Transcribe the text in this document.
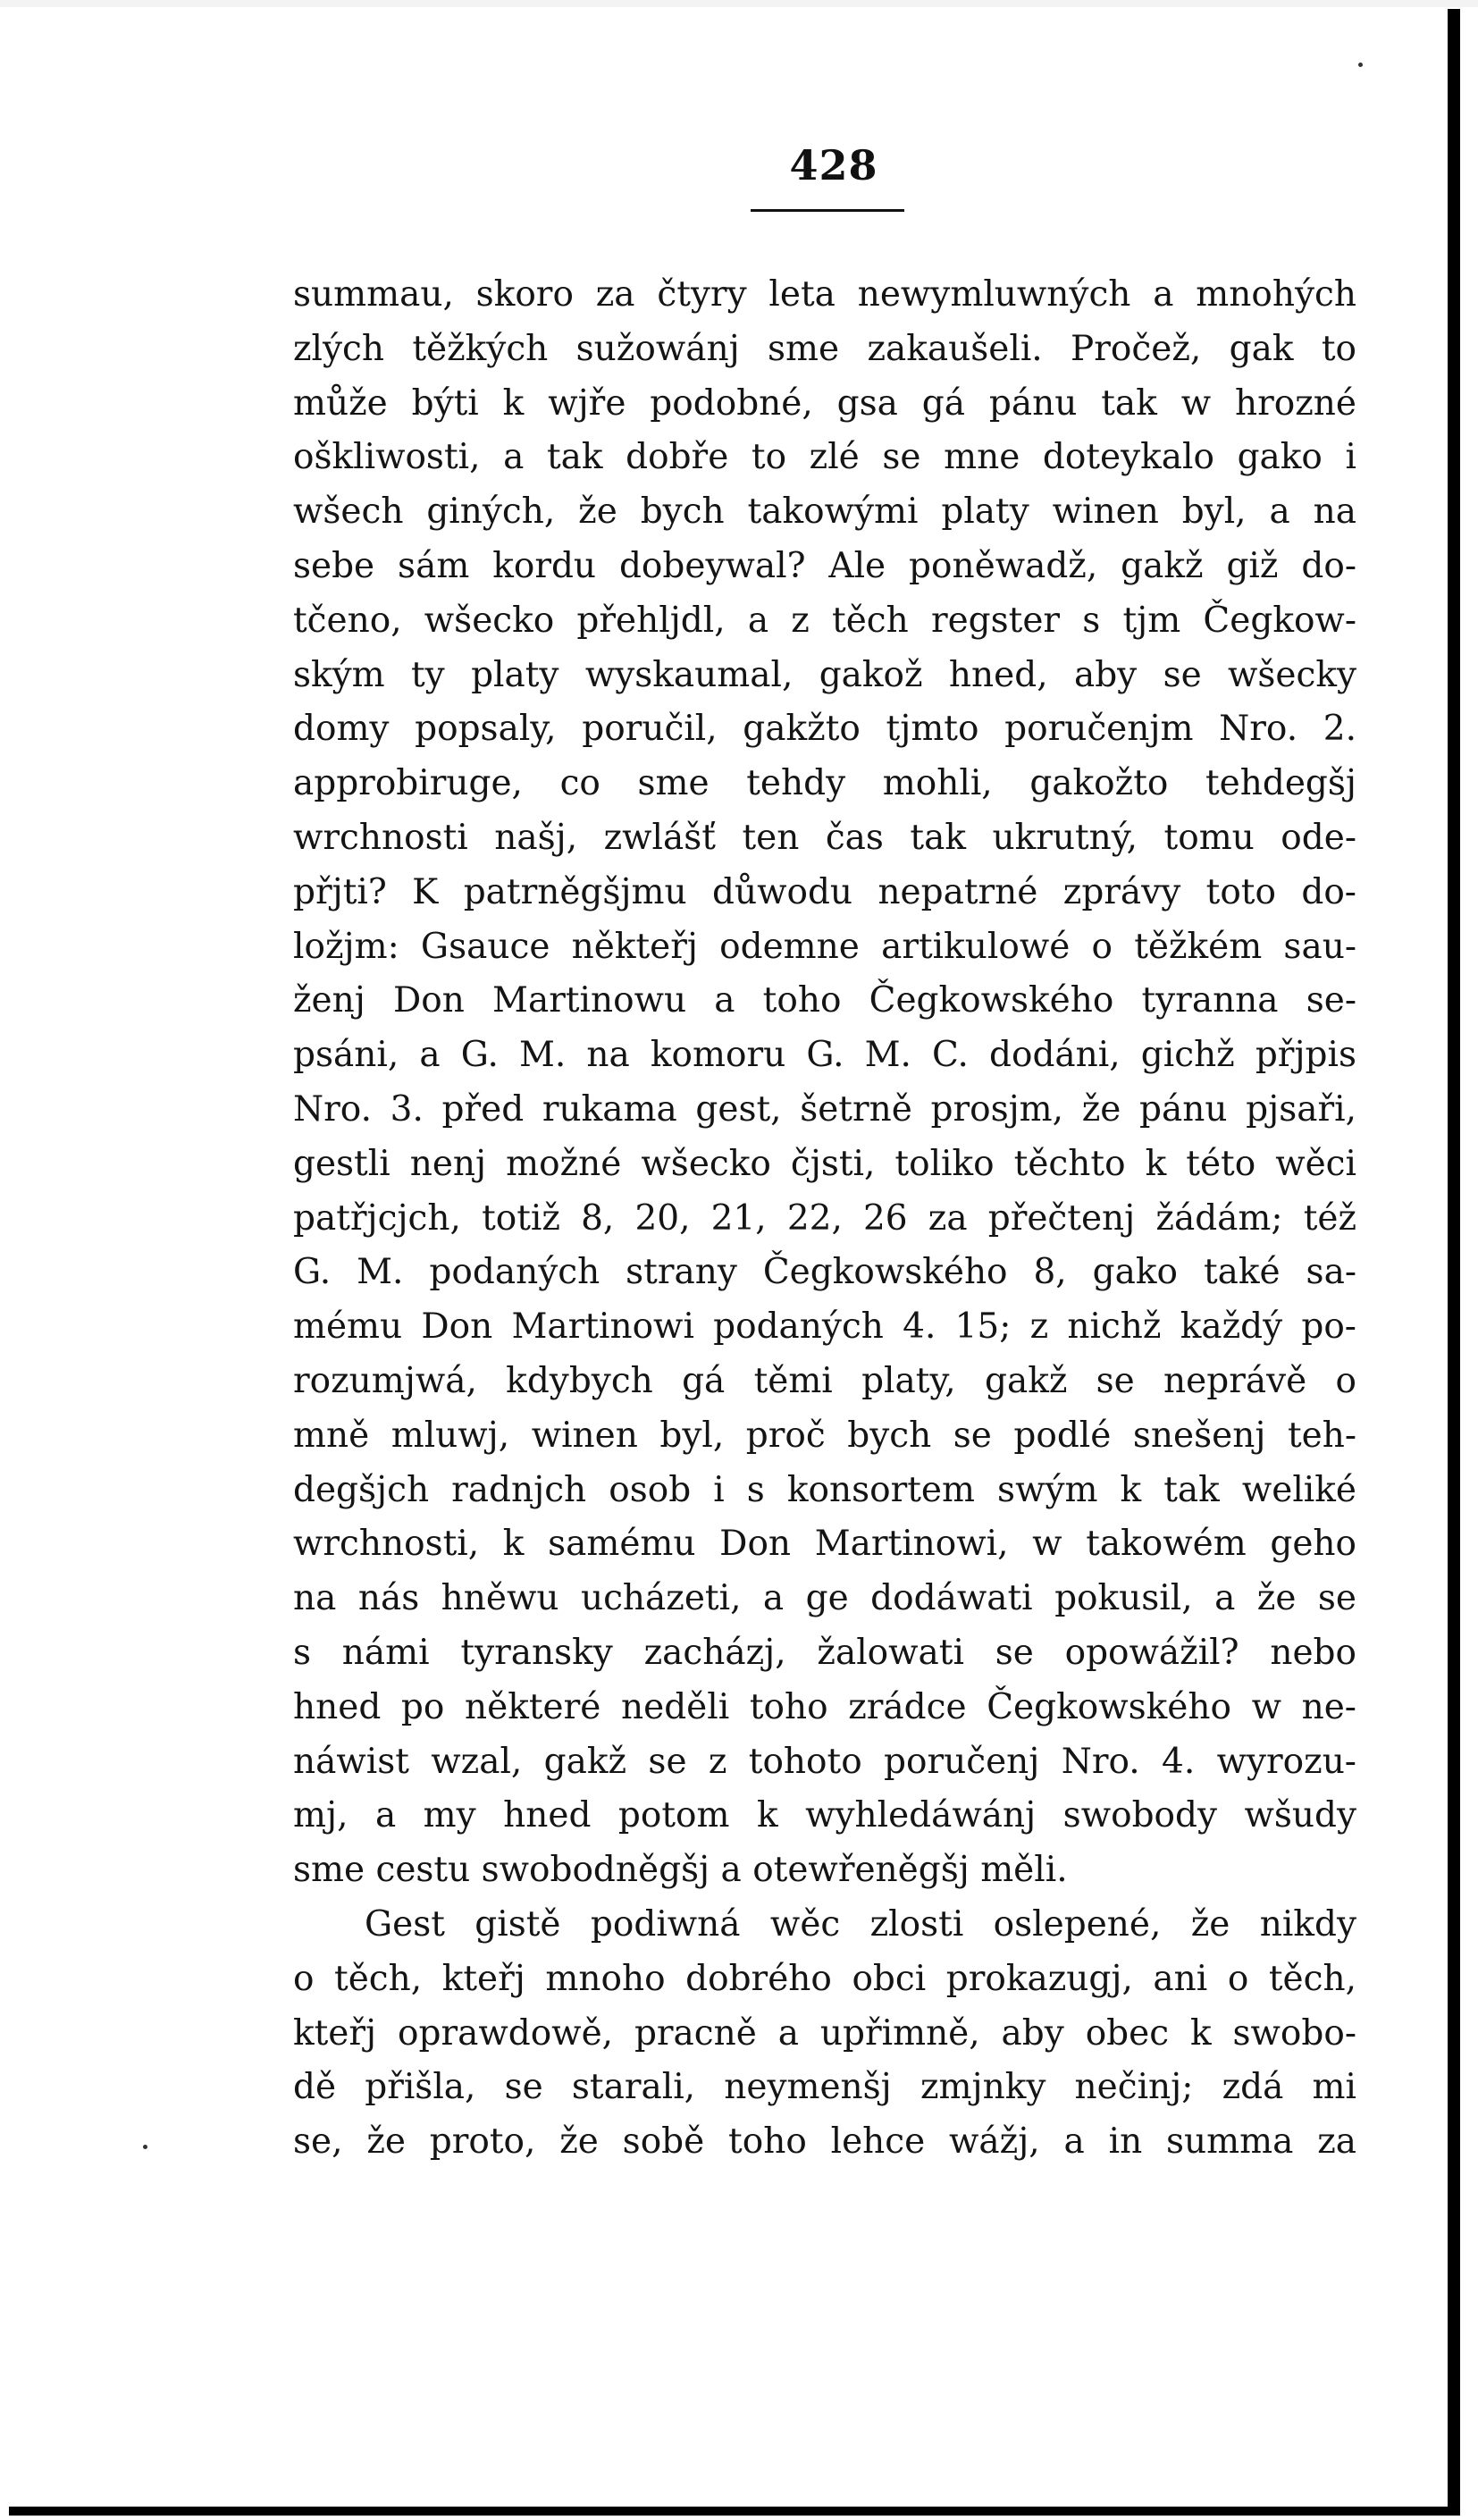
428
summau, skoro za čtyry leta newymluwných a mnohých
zlých těžkých sužowánj sme zakaušeli. Pročež, gak to
může býti k wjře podobné, gsa gá pánu tak w hrozné
ošklіwosti, a tak dobře to zlé se mne doteykalo gako i
wšech giných, že bych takowými platy winen byl, a na
sebe sám kordu dobeywal? Ale poněwadž, gakž giž do-
tčeno, wšecko přehljdl, a z těch regster s tjm Čegkow-
ským ty platy wyskaumal, gakož hned, aby se wšecky
domy popsaly, poručil, gakžto tjmto poručenjm Nro. 2.
approbiruge, co sme tehdy mohli, gakožto tehdegšj
wrchnosti našj, zwlášť ten čas tak ukrutný, tomu ode-
přjti? K patrněgšjmu důwodu nepatrné zprávy toto do-
ložjm: Gsauce někteřj odemne artikulowé o těžkém sau-
ženj Don Martinowu a toho Čegkowského tyranna se-
psáni, a G. M. na komoru G. M. C. dodáni, gichž přjpis
Nro. 3. před rukama gest, šetrně prosjm, že pánu pjsaři,
gestli nenj možné wšecko čjsti, toliko těchto k této wěci
patřjcjch, totiž 8, 20, 21, 22, 26 za přečtenj žádám; též
G. M. podaných strany Čegkowského 8, gako také sa-
mému Don Martinowi podaných 4. 15; z nichž každý po-
rozumjwá, kdybych gá těmi platy, gakž se neprávě o
mně mluwj, winen byl, proč bych se podlé snešenj teh-
degšjch radnjch osob i s konsortem swým k tak weliké
wrchnosti, k samému Don Martinowi, w takowém geho
na nás hněwu ucházeti, a ge dodáwati pokusil, a že se
s námi tyransky zacházj, žalowati se opowážil? nebo
hned po některé neděli toho zrádce Čegkowského w ne-
náwist wzal, gakž se z tohoto poručenj Nro. 4. wyrozu-
mj, a my hned potom k wyhledáwánj swobody wšudy
sme cestu swobodněgšj a otewřeněgšj měli.
Gest gistě podiwná wěc zlosti oslepené, že nikdy
o těch, kteřj mnoho dobrého obci prokazugj, ani o těch,
kteřj oprawdowě, pracně a upřimně, aby obec k swobo-
dě přišla, se starali, neymenšj zmjnky nečinj; zdá mi
se, že proto, že sobě toho lehce wážj, a in summa za
